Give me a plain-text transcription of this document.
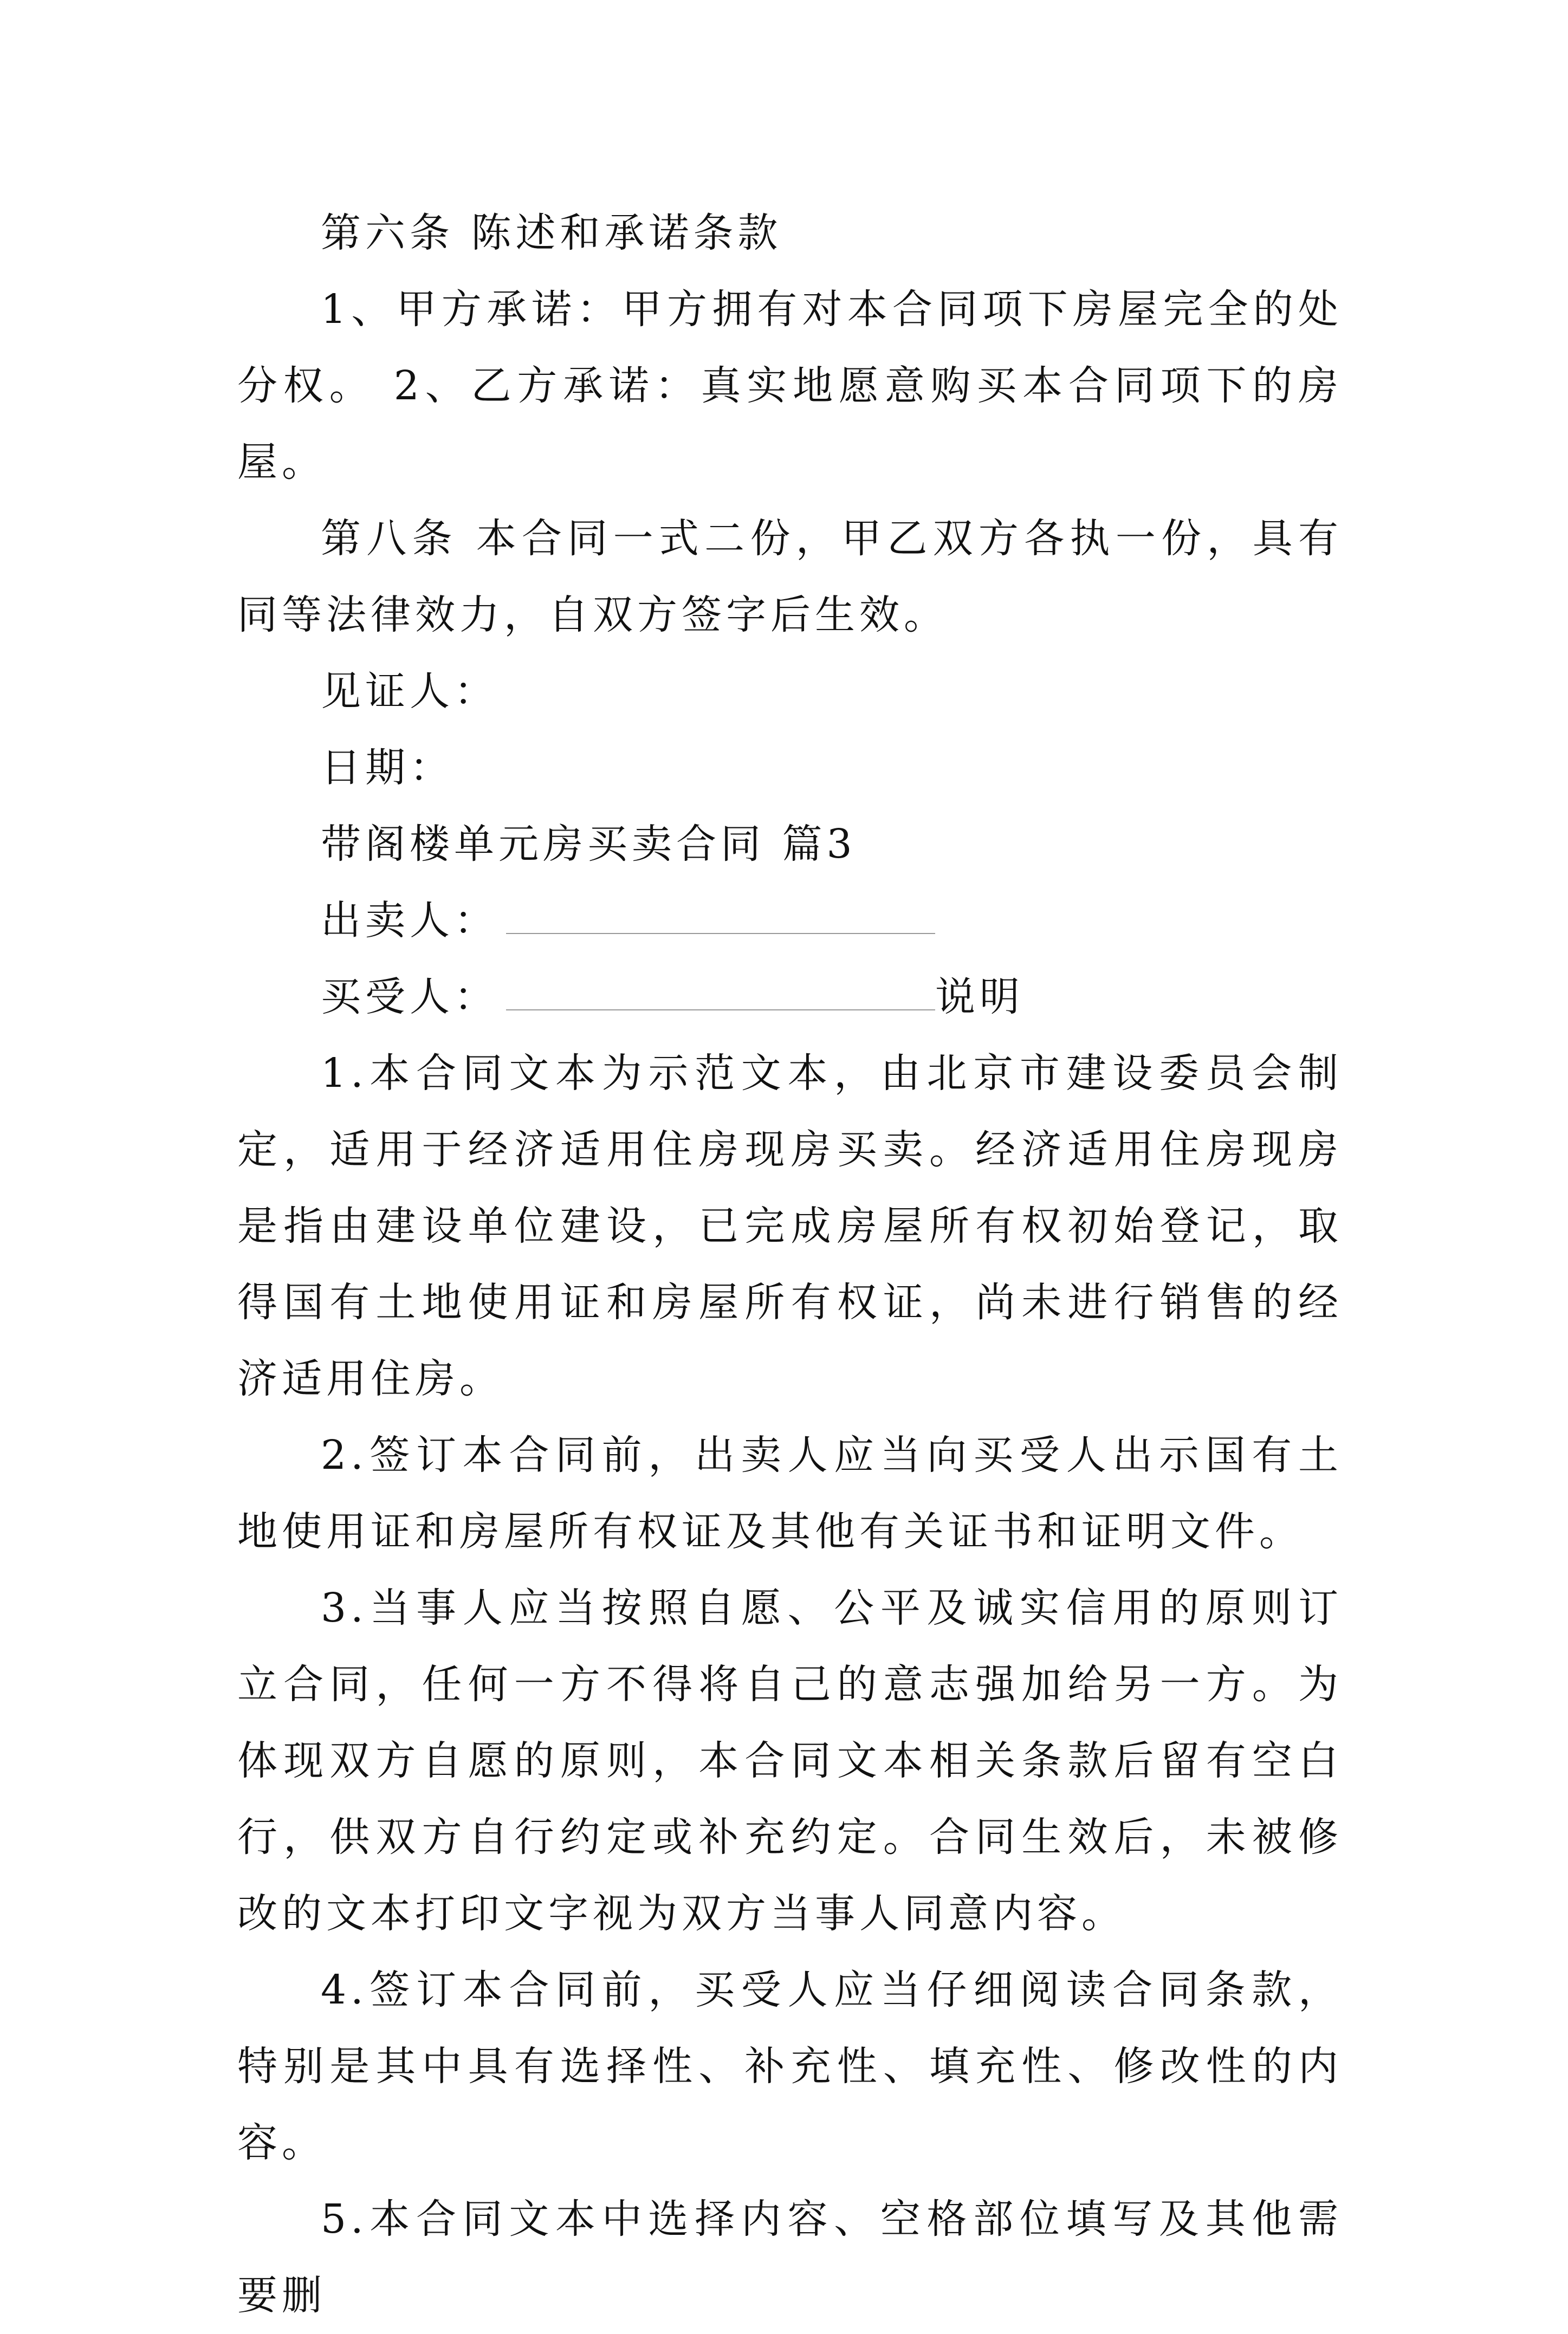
第六条 陈述和承诺条款

1、甲方承诺：甲方拥有对本合同项下房屋完全的处分权。 2、乙方承诺：真实地愿意购买本合同项下的房屋。

第八条 本合同一式二份，甲乙双方各执一份，具有同等法律效力，自双方签字后生效。

见证人：

日期：

带阁楼单元房买卖合同 篇3

出卖人：

买受人：	说明

1.本合同文本为示范文本，由北京市建设委员会制定，适用于经济适用住房现房买卖。经济适用住房现房是指由建设单位建设，已完成房屋所有权初始登记，取得国有土地使用证和房屋所有权证，尚未进行销售的经济适用住房。

2.签订本合同前，出卖人应当向买受人出示国有土地使用证和房屋所有权证及其他有关证书和证明文件。

3.当事人应当按照自愿、公平及诚实信用的原则订立合同，任何一方不得将自己的意志强加给另一方。为体现双方自愿的原则，本合同文本相关条款后留有空白行，供双方自行约定或补充约定。合同生效后，未被修改的文本打印文字视为双方当事人同意内容。

4.签订本合同前，买受人应当仔细阅读合同条款，特别是其中具有选择性、补充性、填充性、修改性的内容。

5.本合同文本中选择内容、空格部位填写及其他需要删
